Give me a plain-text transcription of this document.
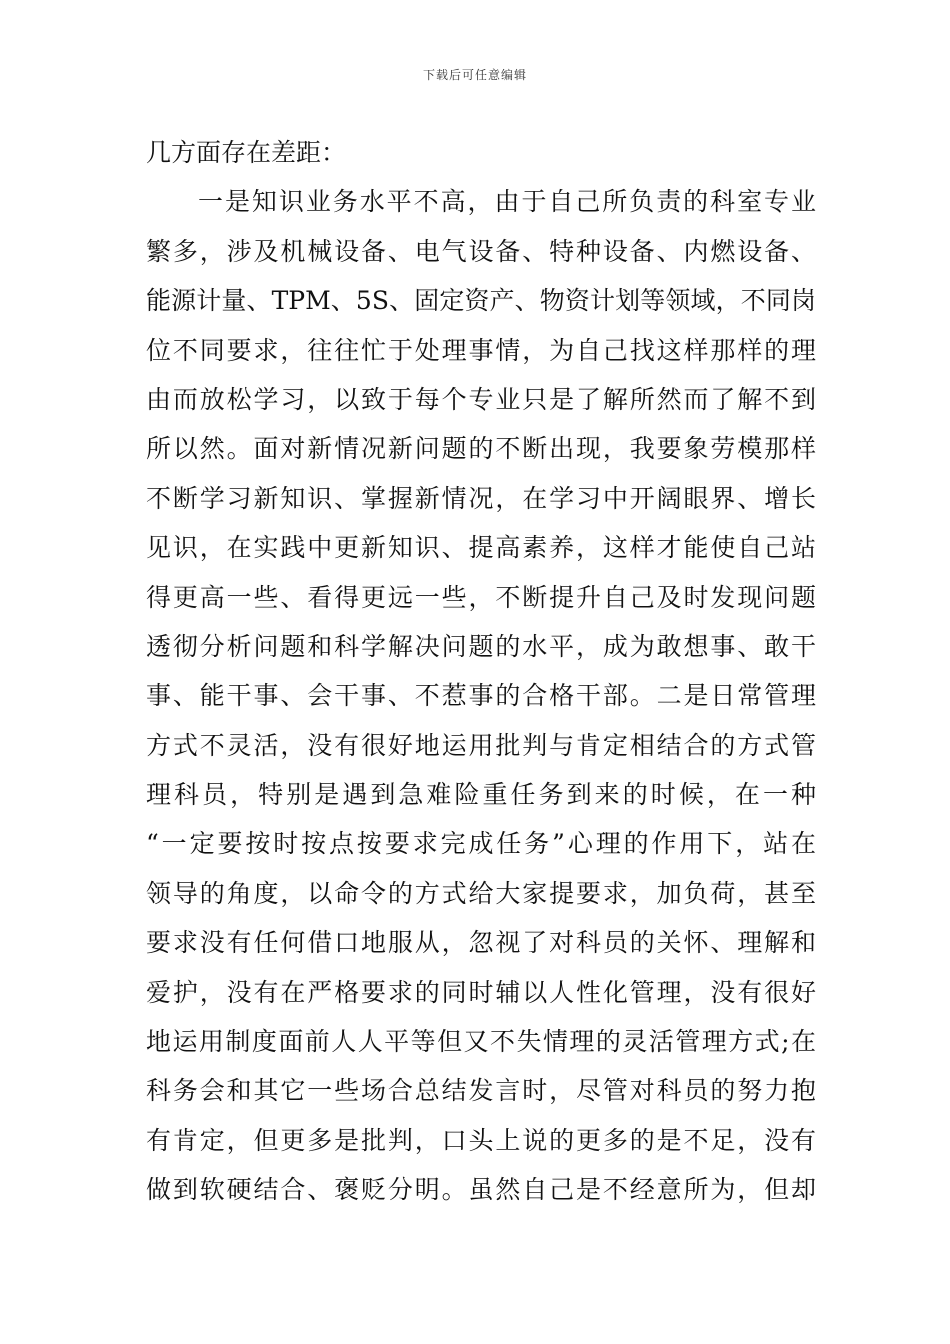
下载后可任意编辑
几方面存在差距：
一是知识业务水平不高，由于自己所负责的科室专业
繁多，涉及机械设备、电气设备、特种设备、内燃设备、
能源计量、TPM、5S、固定资产、物资计划等领域，不同岗
位不同要求，往往忙于处理事情，为自己找这样那样的理
由而放松学习，以致于每个专业只是了解所然而了解不到
所以然。面对新情况新问题的不断出现，我要象劳模那样
不断学习新知识、掌握新情况，在学习中开阔眼界、增长
见识，在实践中更新知识、提高素养，这样才能使自己站
得更高一些、看得更远一些，不断提升自己及时发现问题
透彻分析问题和科学解决问题的水平，成为敢想事、敢干
事、能干事、会干事、不惹事的合格干部。二是日常管理
方式不灵活，没有很好地运用批判与肯定相结合的方式管
理科员，特别是遇到急难险重任务到来的时候，在一种
“一定要按时按点按要求完成任务”心理的作用下，站在
领导的角度，以命令的方式给大家提要求，加负荷，甚至
要求没有任何借口地服从，忽视了对科员的关怀、理解和
爱护，没有在严格要求的同时辅以人性化管理，没有很好
地运用制度面前人人平等但又不失情理的灵活管理方式;在
科务会和其它一些场合总结发言时，尽管对科员的努力抱
有肯定，但更多是批判，口头上说的更多的是不足，没有
做到软硬结合、褒贬分明。虽然自己是不经意所为，但却
